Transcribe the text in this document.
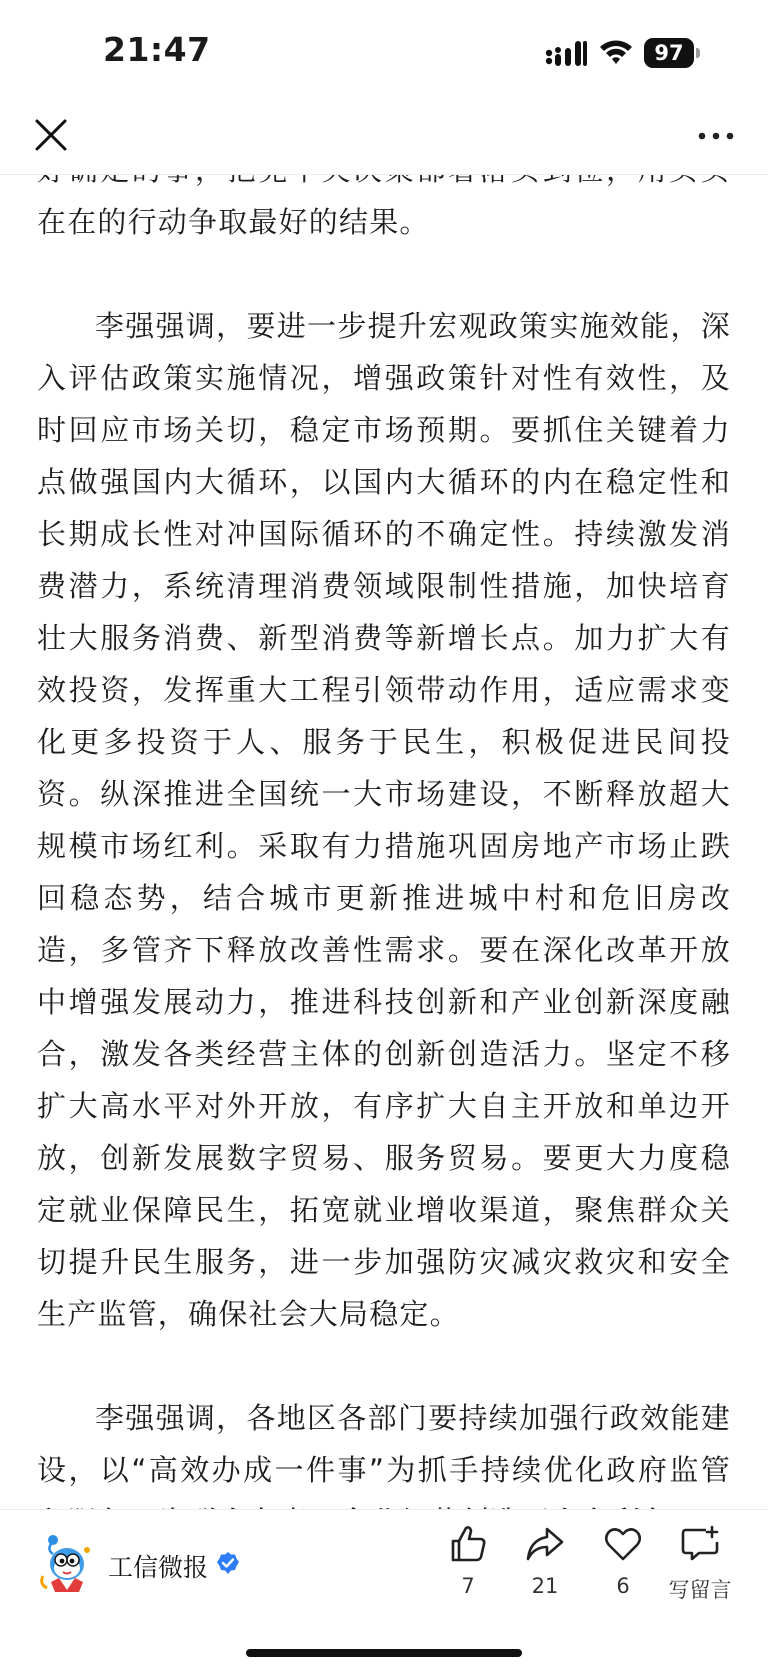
21:47	97

在在的行动争取最好的结果。

李强强调，要进一步提升宏观政策实施效能，深入评估政策实施情况，增强政策针对性有效性，及时回应市场关切，稳定市场预期。要抓住关键着力点做强国内大循环，以国内大循环的内在稳定性和长期成长性对冲国际循环的不确定性。持续激发消费潜力，系统清理消费领域限制性措施，加快培育壮大服务消费、新型消费等新增长点。加力扩大有效投资，发挥重大工程引领带动作用，适应需求变化更多投资于人、服务于民生，积极促进民间投资。纵深推进全国统一大市场建设，不断释放超大规模市场红利。采取有力措施巩固房地产市场止跌回稳态势，结合城市更新推进城中村和危旧房改造，多管齐下释放改善性需求。要在深化改革开放中增强发展动力，推进科技创新和产业创新深度融合，激发各类经营主体的创新创造活力。坚定不移扩大高水平对外开放，有序扩大自主开放和单边开放，创新发展数字贸易、服务贸易。要更大力度稳定就业保障民生，拓宽就业增收渠道，聚焦群众关切提升民生服务，进一步加强防灾减灾救灾和安全生产监管，确保社会大局稳定。

李强强调，各地区各部门要持续加强行政效能建设，以“高效办成一件事”为抓手持续优化政府监管

工信微报
7	21	6	写留言
